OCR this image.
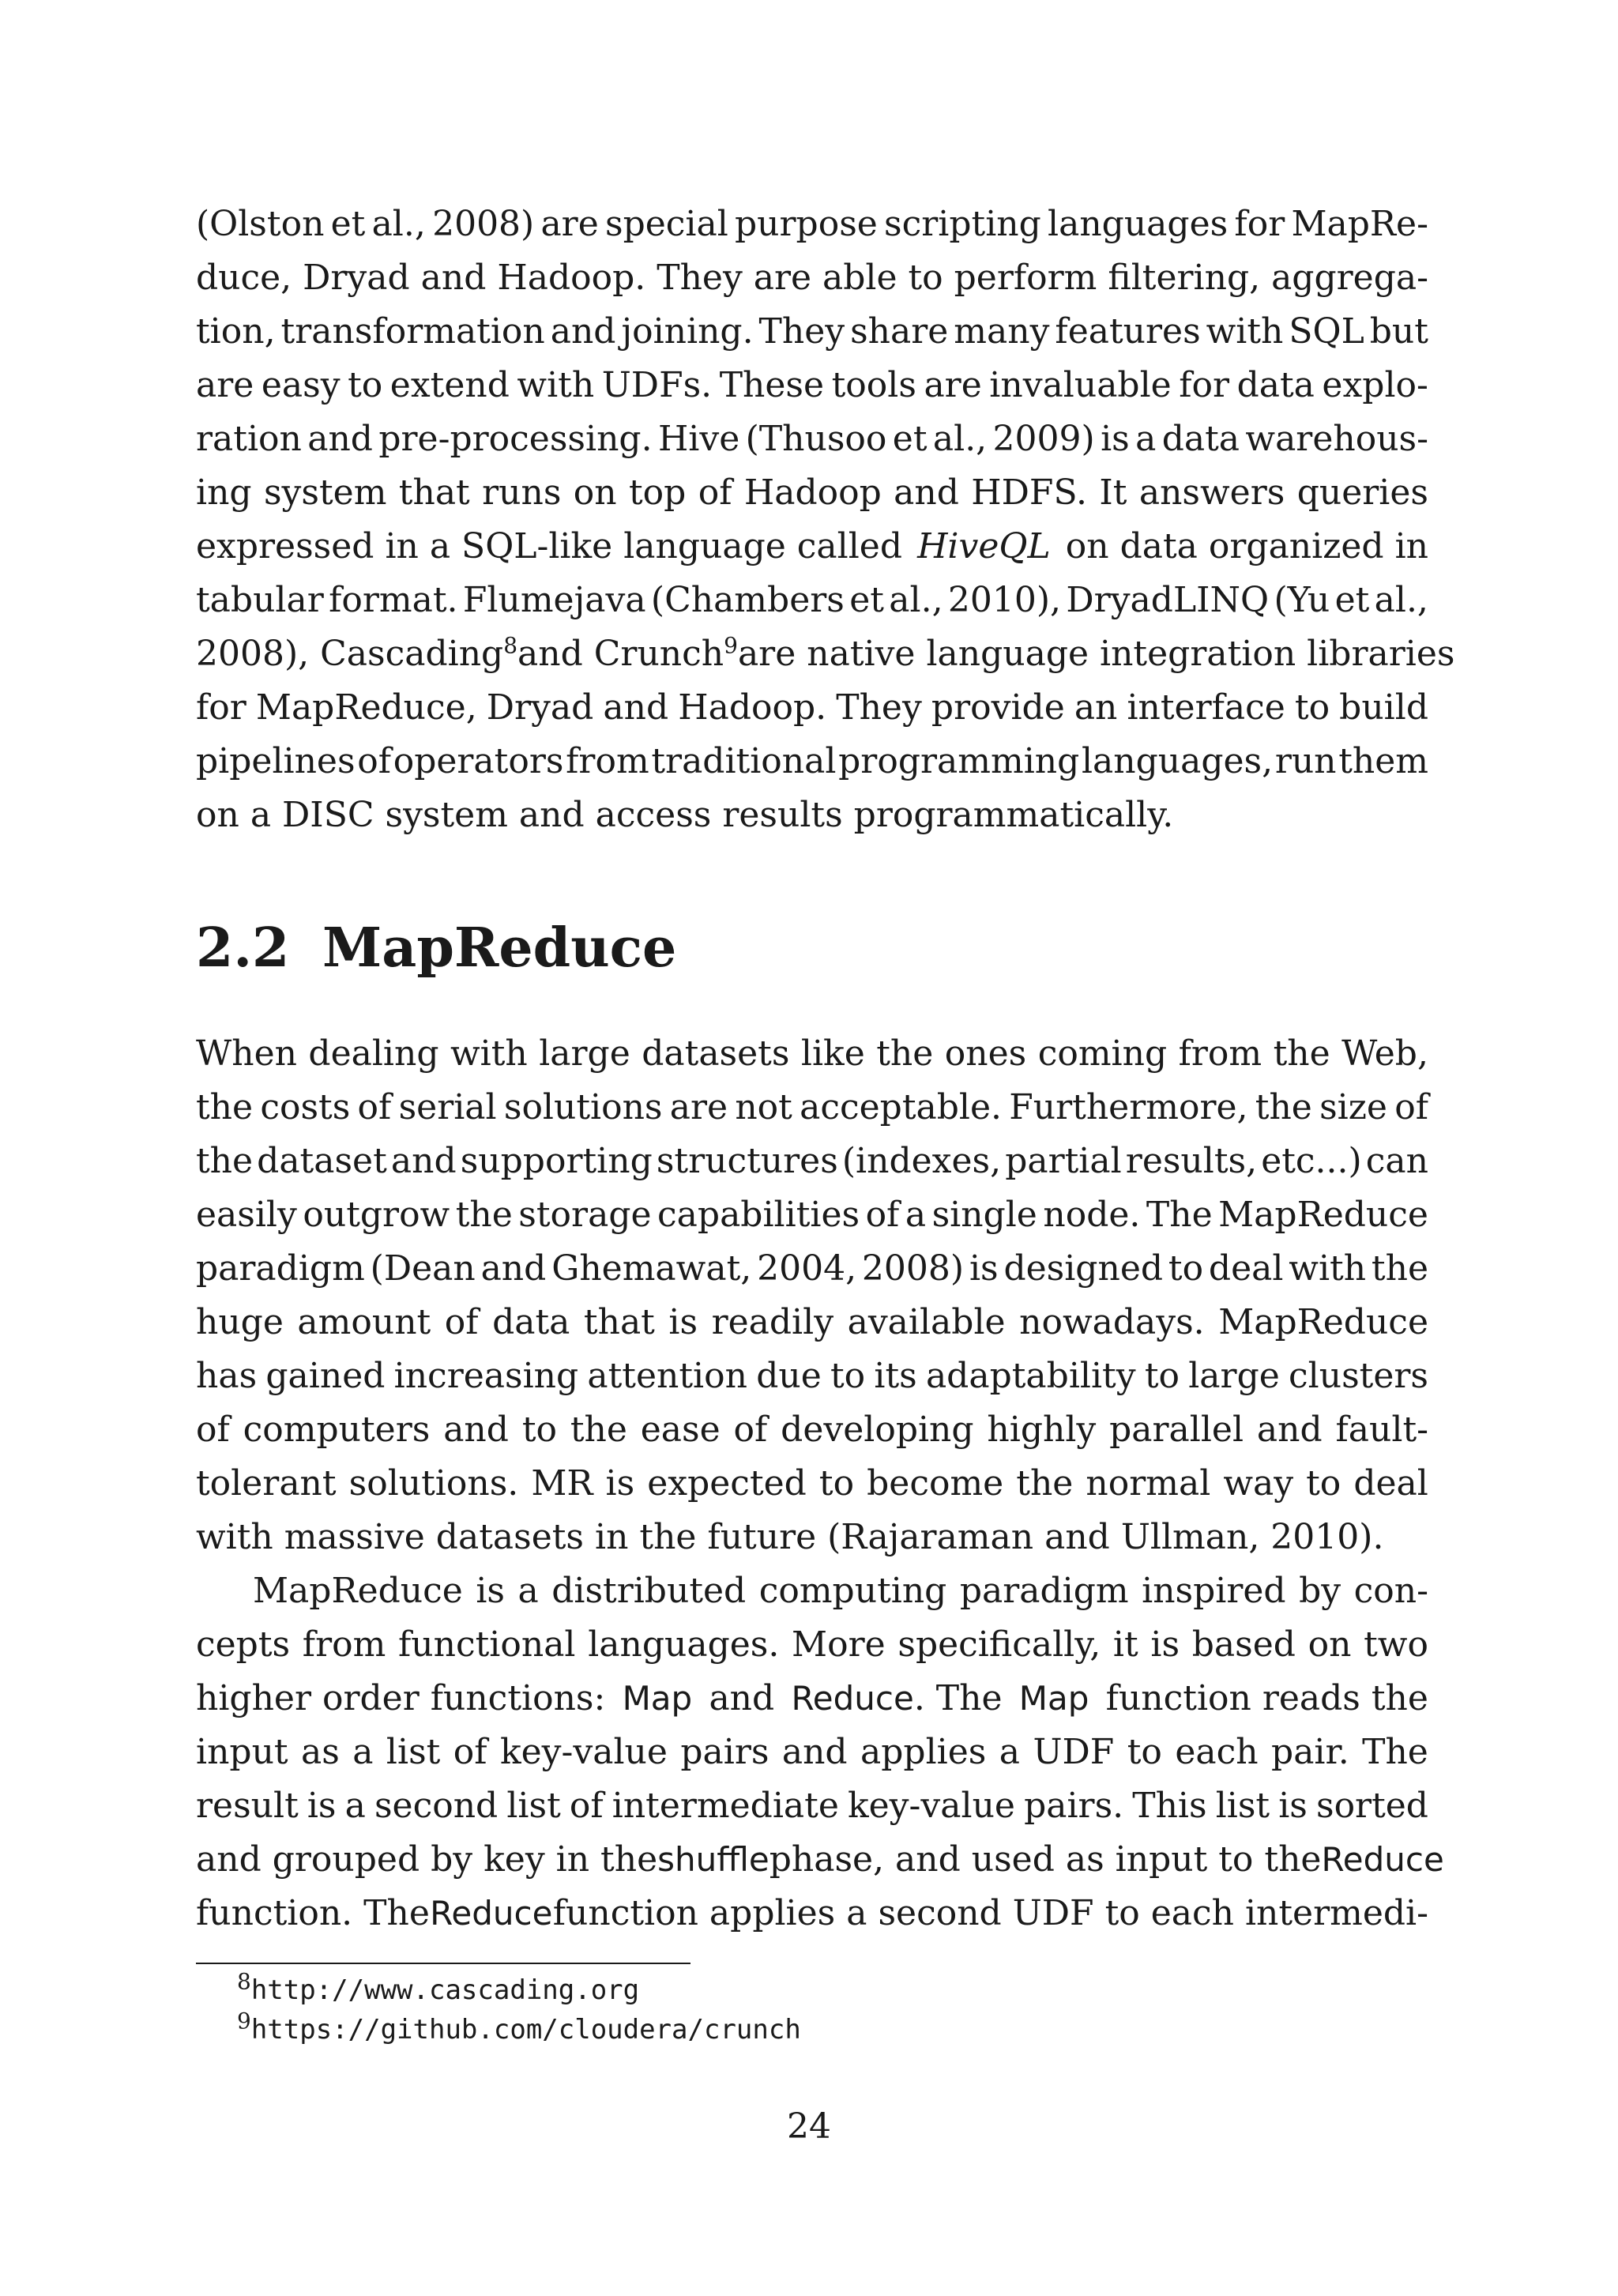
(Olston et al., 2008) are special purpose scripting languages for MapRe-
duce, Dryad and Hadoop. They are able to perform filtering, aggrega-
tion, transformation and joining. They share many features with SQL but
are easy to extend with UDFs. These tools are invaluable for data explo-
ration and pre-processing. Hive (Thusoo et al., 2009) is a data warehous-
ing system that runs on top of Hadoop and HDFS. It answers queries
expressed in a SQL-like language called HiveQL on data organized in
tabular format. Flumejava (Chambers et al., 2010), DryadLINQ (Yu et al.,
2008), Cascading$^8$ and Crunch$^9$ are native language integration libraries
for MapReduce, Dryad and Hadoop. They provide an interface to build
pipelines of operators from traditional programming languages, run them
on a DISC system and access results programmatically.
2.2 MapReduce
When dealing with large datasets like the ones coming from the Web,
the costs of serial solutions are not acceptable. Furthermore, the size of
the dataset and supporting structures (indexes, partial results, etc...) can
easily outgrow the storage capabilities of a single node. The MapReduce
paradigm (Dean and Ghemawat, 2004, 2008) is designed to deal with the
huge amount of data that is readily available nowadays. MapReduce
has gained increasing attention due to its adaptability to large clusters
of computers and to the ease of developing highly parallel and fault-
tolerant solutions. MR is expected to become the normal way to deal
with massive datasets in the future (Rajaraman and Ullman, 2010).
MapReduce is a distributed computing paradigm inspired by con-
cepts from functional languages. More specifically, it is based on two
higher order functions: Map and Reduce. The Map function reads the
input as a list of key-value pairs and applies a UDF to each pair. The
result is a second list of intermediate key-value pairs. This list is sorted
and grouped by key in the shuffle phase, and used as input to the Reduce
function. The Reduce function applies a second UDF to each intermedi-
$^8$http://www.cascading.org
$^9$https://github.com/cloudera/crunch
24
